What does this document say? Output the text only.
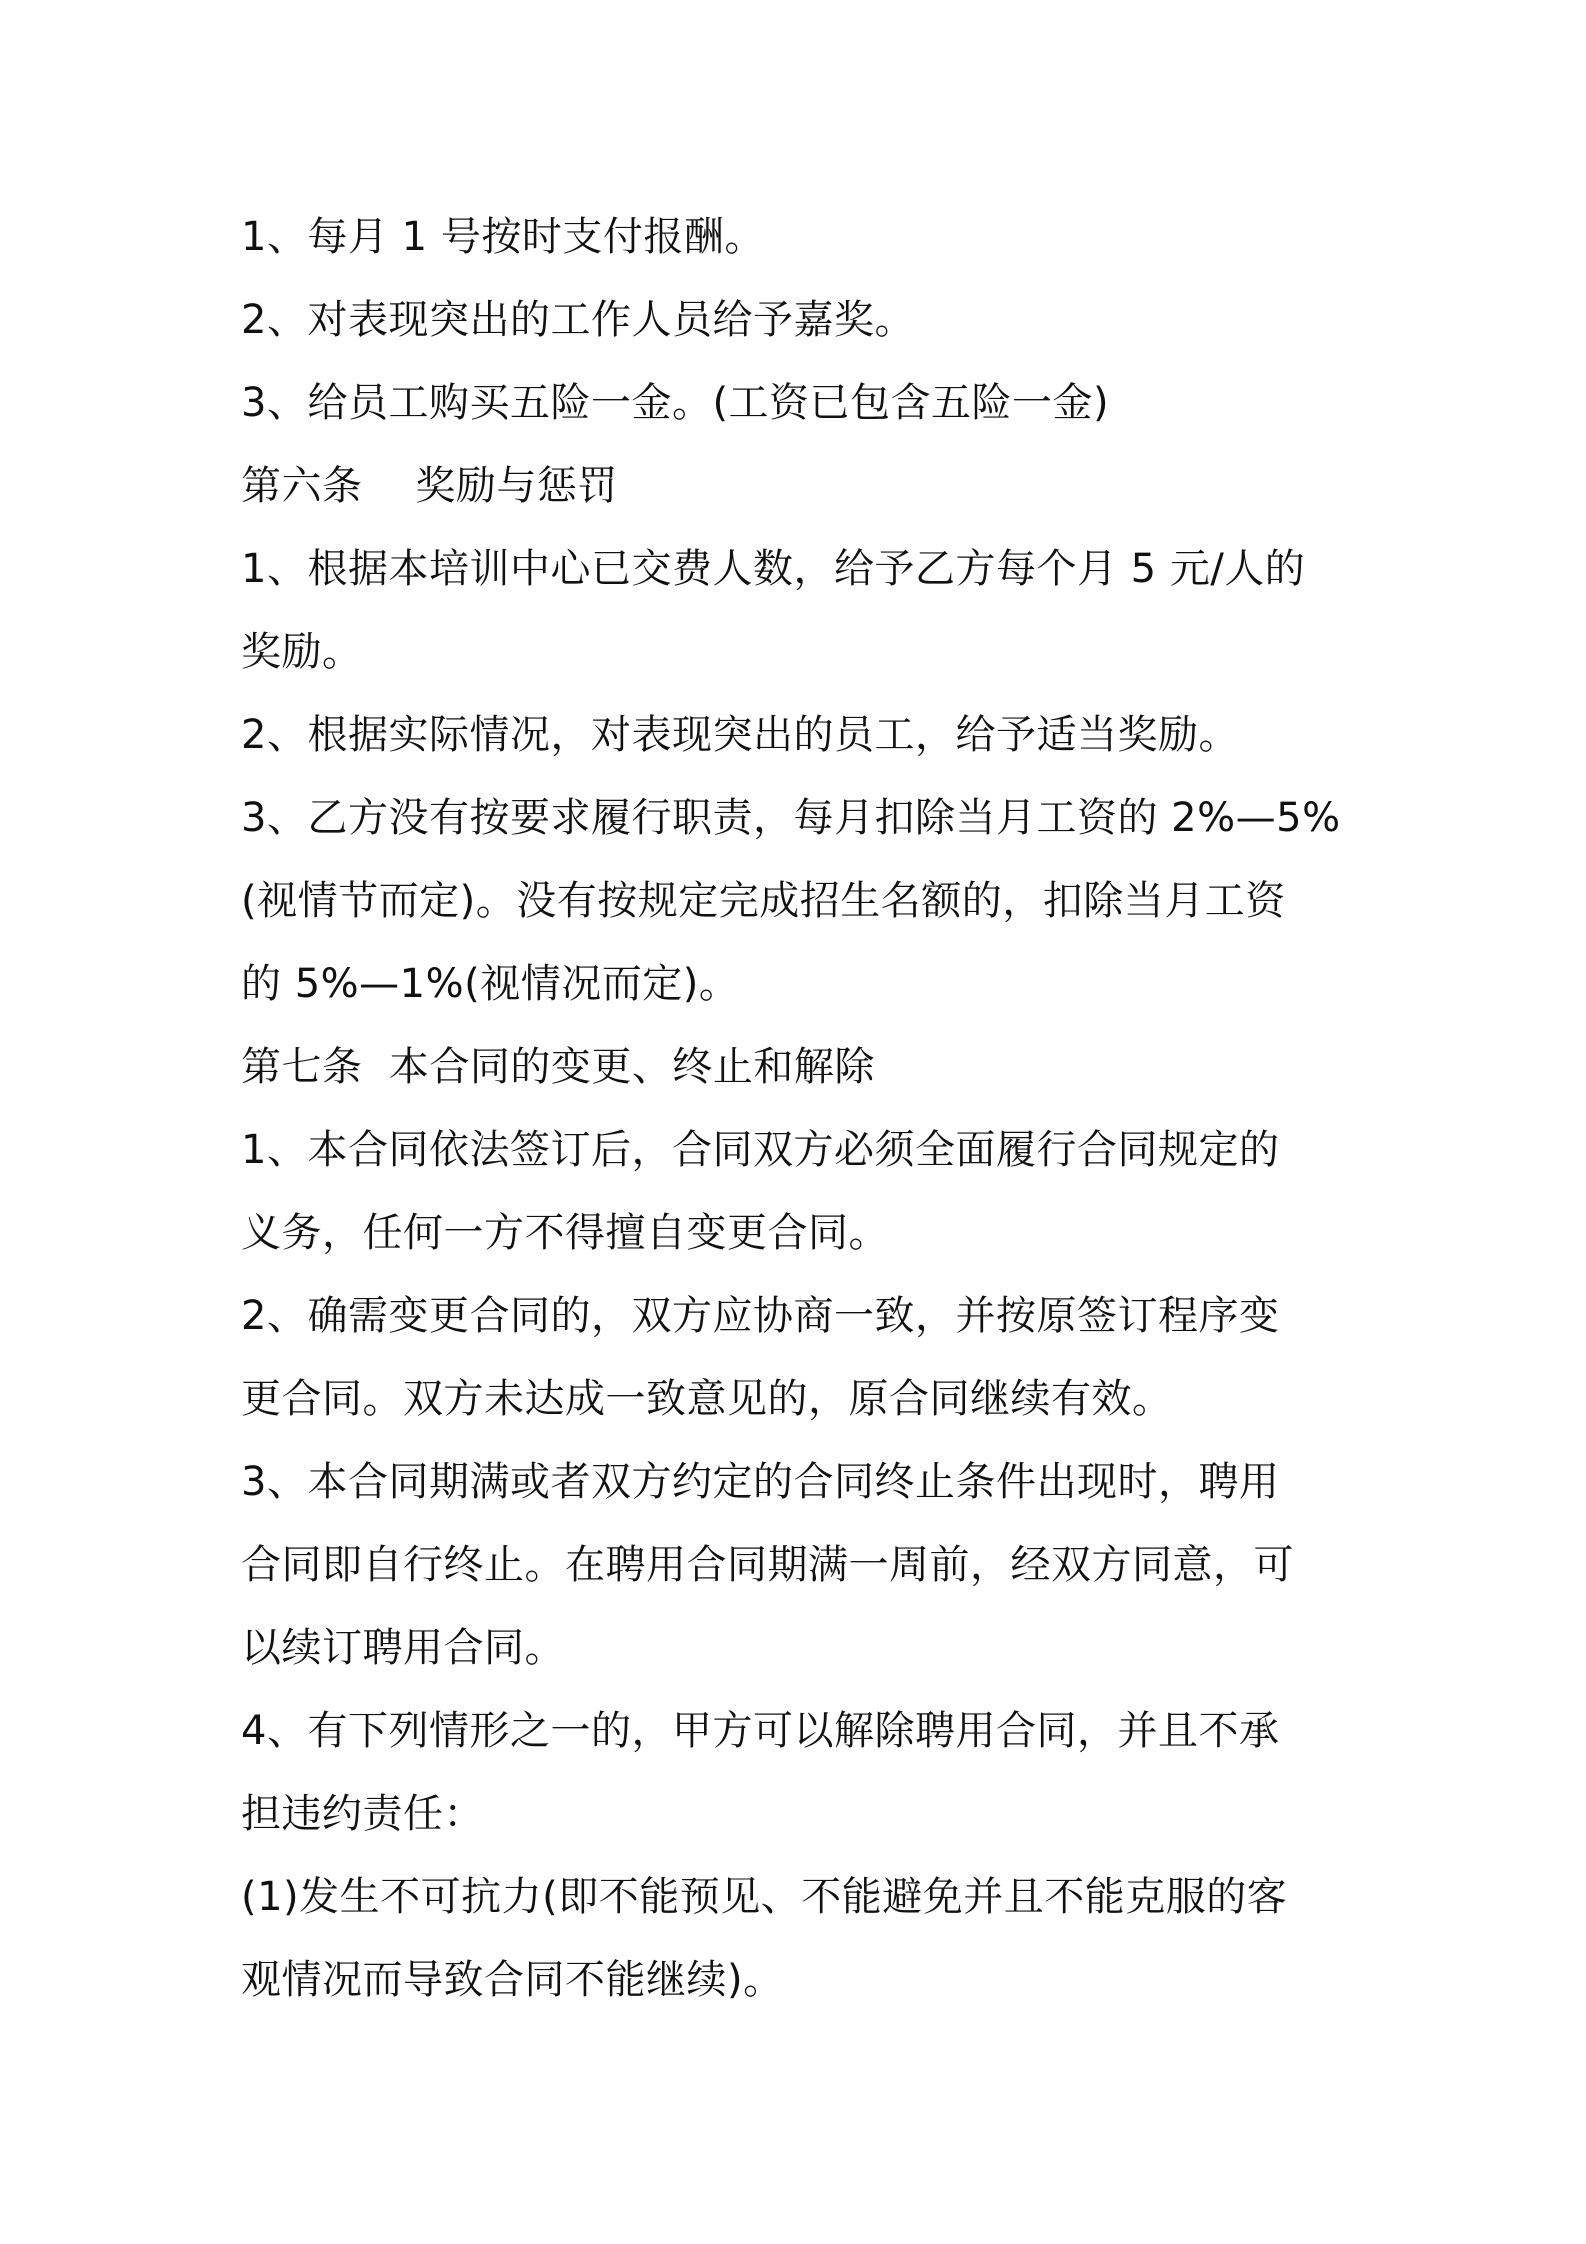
1、每月 1 号按时支付报酬。
2、对表现突出的工作人员给予嘉奖。
3、给员工购买五险一金。(工资已包含五险一金)
第六条    奖励与惩罚
1、根据本培训中心已交费人数，给予乙方每个月 5 元/人的
奖励。
2、根据实际情况，对表现突出的员工，给予适当奖励。
3、乙方没有按要求履行职责，每月扣除当月工资的 2%—5%
(视情节而定)。没有按规定完成招生名额的，扣除当月工资
的 5%—1%(视情况而定)。
第七条  本合同的变更、终止和解除
1、本合同依法签订后，合同双方必须全面履行合同规定的
义务，任何一方不得擅自变更合同。
2、确需变更合同的，双方应协商一致，并按原签订程序变
更合同。双方未达成一致意见的，原合同继续有效。
3、本合同期满或者双方约定的合同终止条件出现时，聘用
合同即自行终止。在聘用合同期满一周前，经双方同意，可
以续订聘用合同。
4、有下列情形之一的，甲方可以解除聘用合同，并且不承
担违约责任：
(1)发生不可抗力(即不能预见、不能避免并且不能克服的客
观情况而导致合同不能继续)。
